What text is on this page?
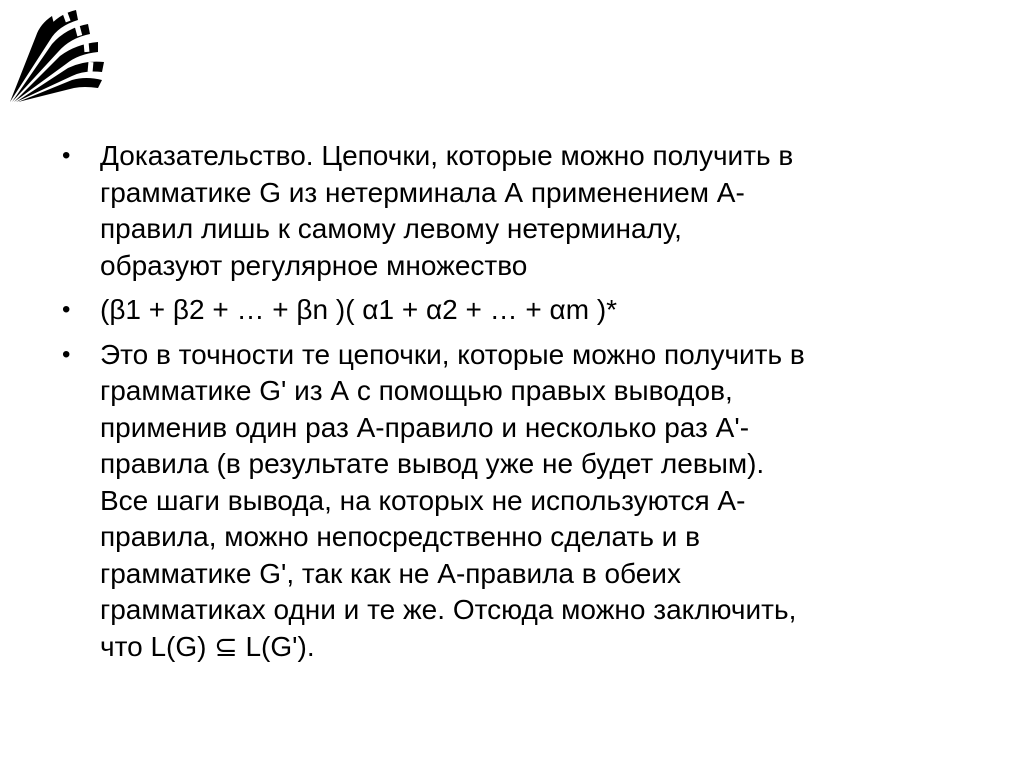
•	Доказательство. Цепочки, которые можно получить в
грамматике G из нетерминала А применением А-
правил лишь к самому левому нетерминалу,
образуют регулярное множество
•	(β1 + β2 + … + βn )( α1 + α2 + … + αm )*
•	Это в точности те цепочки, которые можно получить в
грамматике G' из А с помощью правых выводов,
применив один раз А-правило и несколько раз А'-
правила (в результате вывод уже не будет левым).
Все шаги вывода, на которых не используются А-
правила, можно непосредственно сделать и в
грамматике G', так как не А-правила в обеих
грамматиках одни и те же. Отсюда можно заключить,
что L(G) ⊆ L(G').
